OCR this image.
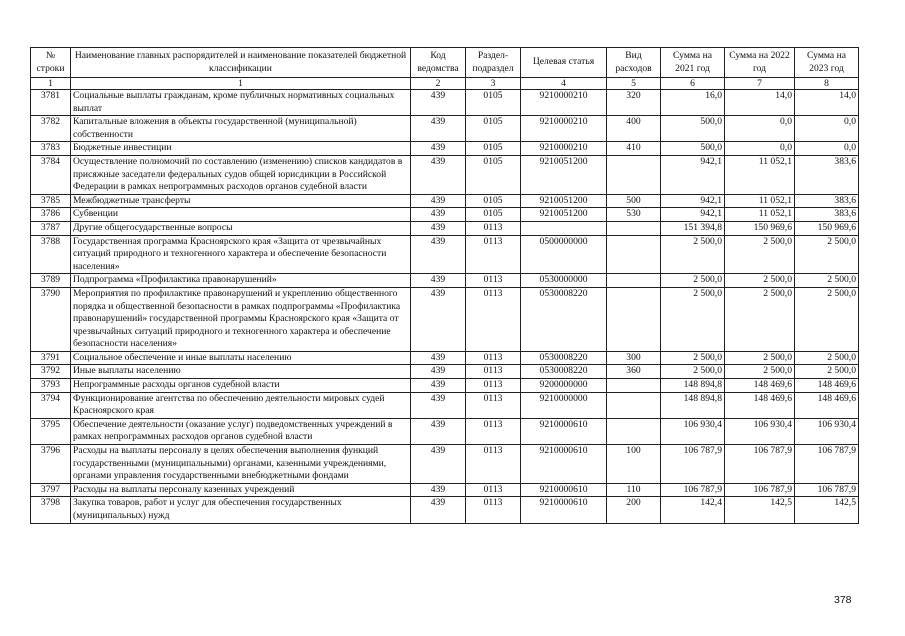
№ строки	Наименование главных распорядителей и наименование показателей бюджетной классификации	Код ведомства	Раздел-подраздел	Целевая статья	Вид расходов	Сумма на 2021 год	Сумма на 2022 год	Сумма на 2023 год
1	1	2	3	4	5	6	7	8
3781	Социальные выплаты гражданам, кроме публичных нормативных социальных выплат	439	0105	9210000210	320	16,0	14,0	14,0
3782	Капитальные вложения в объекты государственной (муниципальной) собственности	439	0105	9210000210	400	500,0	0,0	0,0
3783	Бюджетные инвестиции	439	0105	9210000210	410	500,0	0,0	0,0
3784	Осуществление полномочий по составлению (изменению) списков кандидатов в присяжные заседатели федеральных судов общей юрисдикции в Российской Федерации в рамках непрограммных расходов органов судебной власти	439	0105	9210051200		942,1	11 052,1	383,6
3785	Межбюджетные трансферты	439	0105	9210051200	500	942,1	11 052,1	383,6
3786	Субвенции	439	0105	9210051200	530	942,1	11 052,1	383,6
3787	Другие общегосударственные вопросы	439	0113			151 394,8	150 969,6	150 969,6
3788	Государственная программа Красноярского края «Защита от чрезвычайных ситуаций природного и техногенного характера и обеспечение безопасности населения»	439	0113	0500000000		2 500,0	2 500,0	2 500,0
3789	Подпрограмма «Профилактика правонарушений»	439	0113	0530000000		2 500,0	2 500,0	2 500,0
3790	Мероприятия по профилактике правонарушений и укреплению общественного порядка и общественной безопасности в рамках подпрограммы «Профилактика правонарушений» государственной программы Красноярского края «Защита от чрезвычайных ситуаций природного и техногенного характера и обеспечение безопасности населения»	439	0113	0530008220		2 500,0	2 500,0	2 500,0
3791	Социальное обеспечение и иные выплаты населению	439	0113	0530008220	300	2 500,0	2 500,0	2 500,0
3792	Иные выплаты населению	439	0113	0530008220	360	2 500,0	2 500,0	2 500,0
3793	Непрограммные расходы органов судебной власти	439	0113	9200000000		148 894,8	148 469,6	148 469,6
3794	Функционирование агентства по обеспечению деятельности мировых судей Красноярского края	439	0113	9210000000		148 894,8	148 469,6	148 469,6
3795	Обеспечение деятельности (оказание услуг) подведомственных учреждений в рамках непрограммных расходов органов судебной власти	439	0113	9210000610		106 930,4	106 930,4	106 930,4
3796	Расходы на выплаты персоналу в целях обеспечения выполнения функций государственными (муниципальными) органами, казенными учреждениями, органами управления государственными внебюджетными фондами	439	0113	9210000610	100	106 787,9	106 787,9	106 787,9
3797	Расходы на выплаты персоналу казенных учреждений	439	0113	9210000610	110	106 787,9	106 787,9	106 787,9
3798	Закупка товаров, работ и услуг для обеспечения государственных (муниципальных) нужд	439	0113	9210000610	200	142,4	142,5	142,5
378
